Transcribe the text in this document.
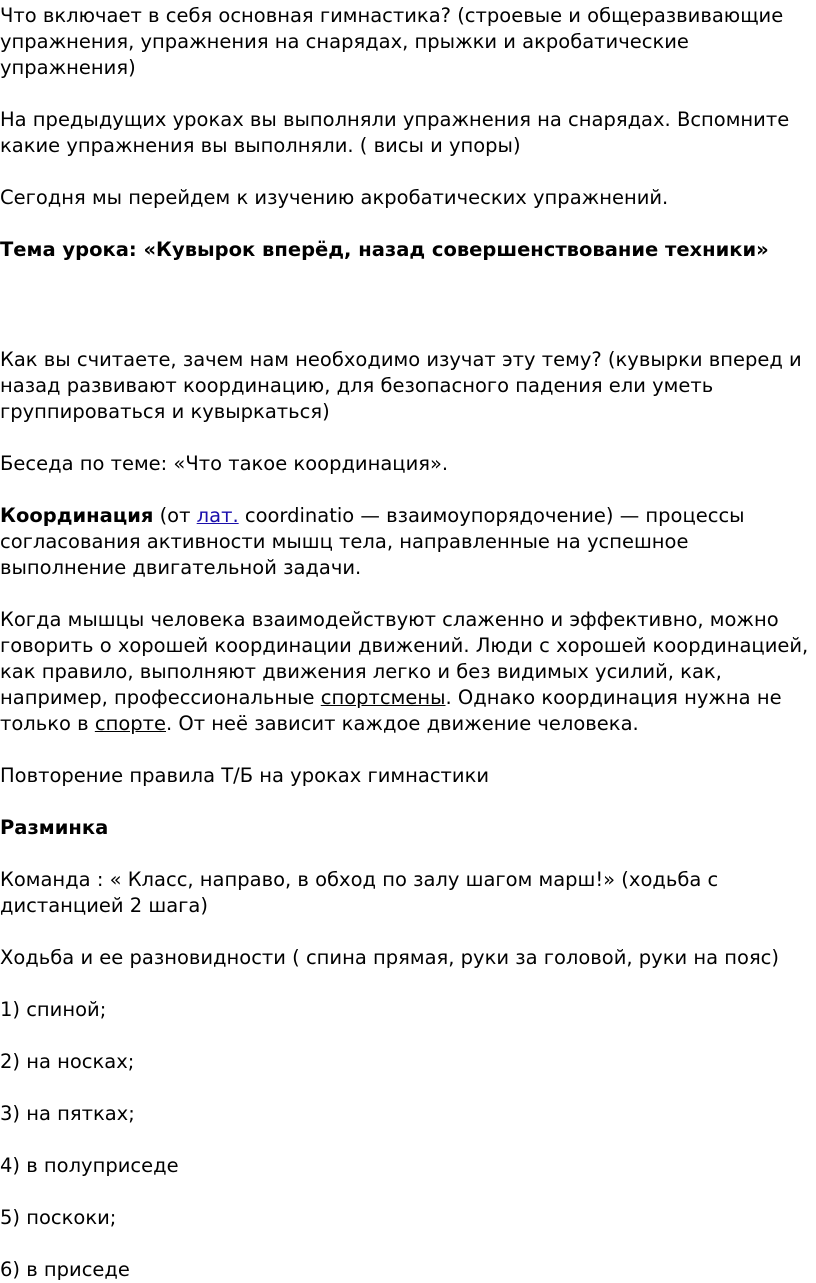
Что включает в себя основная гимнастика? (строевые и общеразвивающие упражнения, упражнения на снарядах, прыжки и акробатические упражнения)

На предыдущих уроках вы выполняли упражнения на снарядах. Вспомните какие упражнения вы выполняли. ( висы и упоры)

Сегодня мы перейдем к изучению акробатических упражнений.

Тема урока: «Кувырок вперёд, назад совершенствование техники»

Как вы считаете, зачем нам необходимо изучат эту тему? (кувырки вперед и назад развивают координацию, для безопасного падения ели уметь группироваться и кувыркаться)

Беседа по теме: «Что такое координация».

Координация (от лат. coordinatio — взаимоупорядочение) — процессы согласования активности мышц тела, направленные на успешное выполнение двигательной задачи.

Когда мышцы человека взаимодействуют слаженно и эффективно, можно говорить о хорошей координации движений. Люди с хорошей координацией, как правило, выполняют движения легко и без видимых усилий, как, например, профессиональные спортсмены. Однако координация нужна не только в спорте. От неё зависит каждое движение человека.

Повторение правила Т/Б на уроках гимнастики

Разминка

Команда : « Класс, направо, в обход по залу шагом марш!» (ходьба с дистанцией 2 шага)

Ходьба и ее разновидности ( спина прямая, руки за головой, руки на пояс)

1) спиной;

2) на носках;

3) на пятках;

4) в полуприседе

5) поскоки;

6) в приседе
